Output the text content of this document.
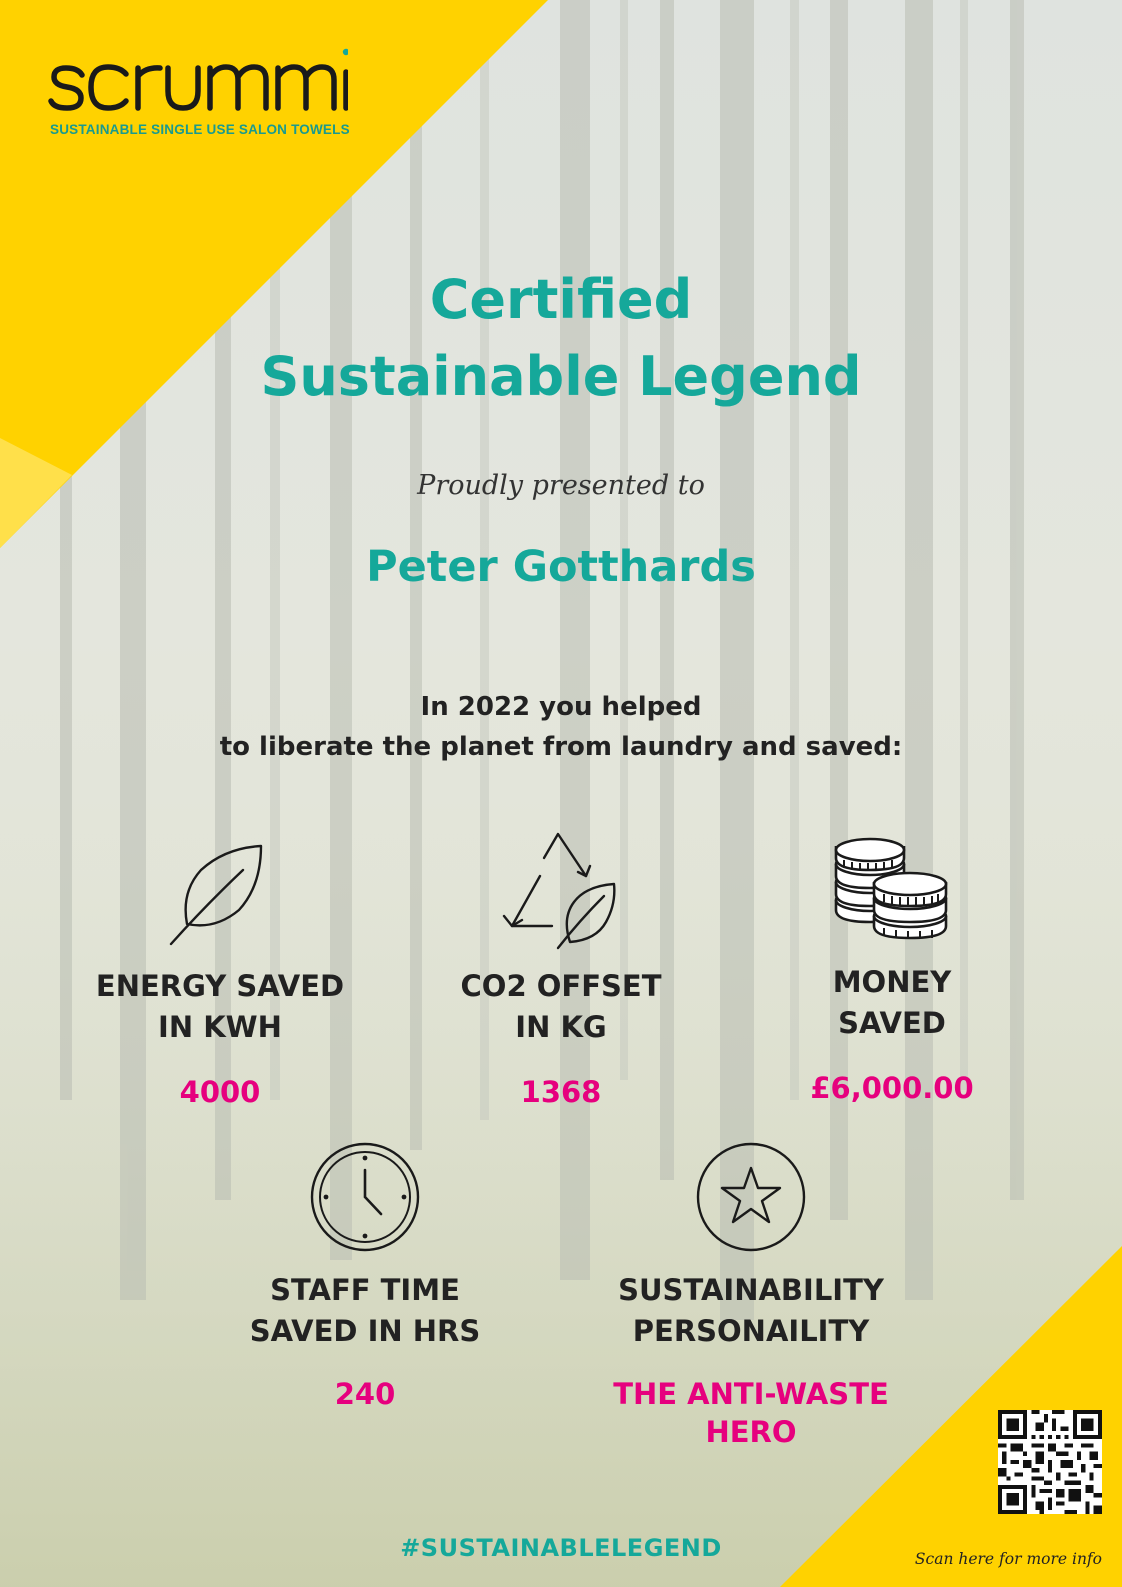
SUSTAINABLE SINGLE USE SALON TOWELS
Certified
Sustainable Legend
Proudly presented to
Peter Gotthards
In 2022 you helped
to liberate the planet from laundry and saved:
ENERGY SAVED
IN KWH
4000
CO2 OFFSET
IN KG
1368
MONEY
SAVED
£6,000.00
STAFF TIME
SAVED IN HRS
240
SUSTAINABILITY
PERSONAILITY
THE ANTI-WASTE
HERO
#SUSTAINABLELEGEND	Scan here for more info
